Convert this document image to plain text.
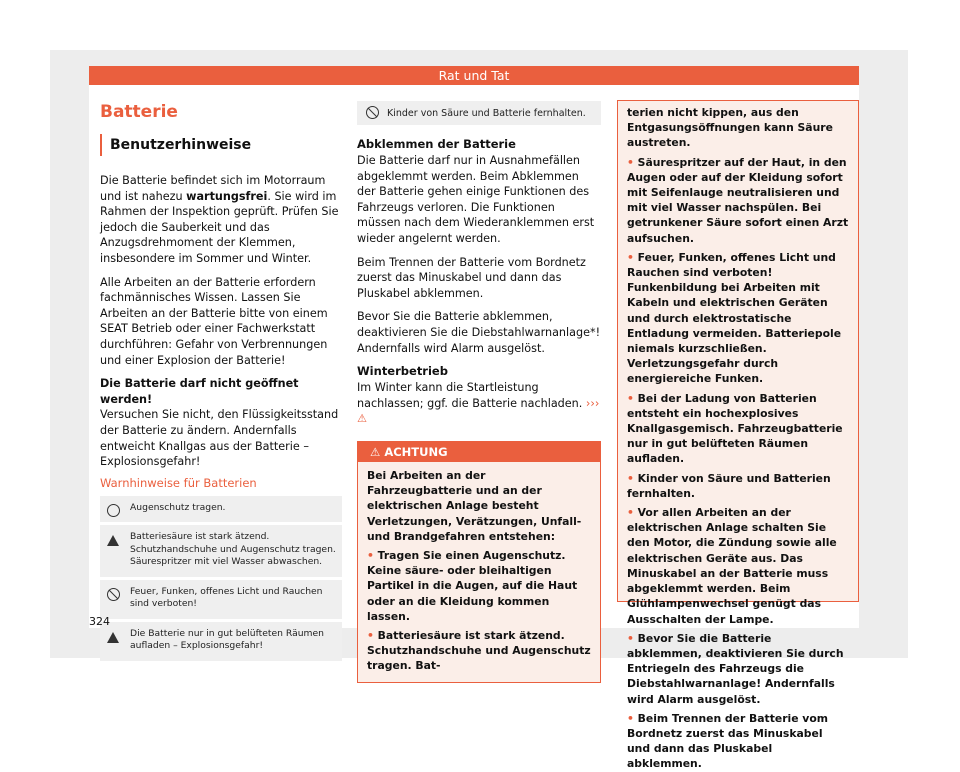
Rat und Tat
Batterie
Benutzerhinweise

Die Batterie befindet sich im Motorraum und ist nahezu wartungsfrei. Sie wird im Rahmen der Inspektion geprüft. Prüfen Sie jedoch die Sauberkeit und das Anzugsdrehmoment der Klemmen, insbesondere im Sommer und Winter.

Alle Arbeiten an der Batterie erfordern fachmännisches Wissen. Lassen Sie Arbeiten an der Batterie bitte von einem SEAT Betrieb oder einer Fachwerkstatt durchführen: Gefahr von Verbrennungen und einer Explosion der Batterie!

Die Batterie darf nicht geöffnet werden!
Versuchen Sie nicht, den Flüssigkeitsstand der Batterie zu ändern. Andernfalls entweicht Knallgas aus der Batterie – Explosionsgefahr!

Warnhinweise für Batterien
Augenschutz tragen.
Batteriesäure ist stark ätzend. Schutzhandschuhe und Augenschutz tragen. Säurespritzer mit viel Wasser abwaschen.
Feuer, Funken, offenes Licht und Rauchen sind verboten!
Die Batterie nur in gut belüfteten Räumen aufladen – Explosionsgefahr!
Kinder von Säure und Batterie fernhalten.
Abklemmen der Batterie

Die Batterie darf nur in Ausnahmefällen abgeklemmt werden. Beim Abklemmen der Batterie gehen einige Funktionen des Fahrzeugs verloren. Die Funktionen müssen nach dem Wiederanklemmen erst wieder angelernt werden.

Beim Trennen der Batterie vom Bordnetz zuerst das Minuskabel und dann das Pluskabel abklemmen.

Bevor Sie die Batterie abklemmen, deaktivieren Sie die Diebstahlwarnanlage*! Andernfalls wird Alarm ausgelöst.

Winterbetrieb

Im Winter kann die Startleistung nachlassen; ggf. die Batterie nachladen. ››› ⚠

⚠ ACHTUNG

Bei Arbeiten an der Fahrzeugbatterie und an der elektrischen Anlage besteht Verletzungen, Verätzungen, Unfall- und Brandgefahren entstehen:

• Tragen Sie einen Augenschutz. Keine säure- oder bleihaltigen Partikel in die Augen, auf die Haut oder an die Kleidung kommen lassen.

• Batteriesäure ist stark ätzend. Schutzhandschuhe und Augenschutz tragen. Bat-

terien nicht kippen, aus den Entgasungsöffnungen kann Säure austreten.

• Säurespritzer auf der Haut, in den Augen oder auf der Kleidung sofort mit Seifenlauge neutralisieren und mit viel Wasser nachspülen. Bei getrunkener Säure sofort einen Arzt aufsuchen.

• Feuer, Funken, offenes Licht und Rauchen sind verboten! Funkenbildung bei Arbeiten mit Kabeln und elektrischen Geräten und durch elektrostatische Entladung vermeiden. Batteriepole niemals kurzschließen. Verletzungsgefahr durch energiereiche Funken.

• Bei der Ladung von Batterien entsteht ein hochexplosives Knallgasgemisch. Fahrzeugbatterie nur in gut belüfteten Räumen aufladen.

• Kinder von Säure und Batterien fernhalten.

• Vor allen Arbeiten an der elektrischen Anlage schalten Sie den Motor, die Zündung sowie alle elektrischen Geräte aus. Das Minuskabel an der Batterie muss abgeklemmt werden. Beim Glühlampenwechsel genügt das Ausschalten der Lampe.

• Bevor Sie die Batterie abklemmen, deaktivieren Sie durch Entriegeln des Fahrzeugs die Diebstahlwarnanlage! Andernfalls wird Alarm ausgelöst.

• Beim Trennen der Batterie vom Bordnetz zuerst das Minuskabel und dann das Pluskabel abklemmen.

324
